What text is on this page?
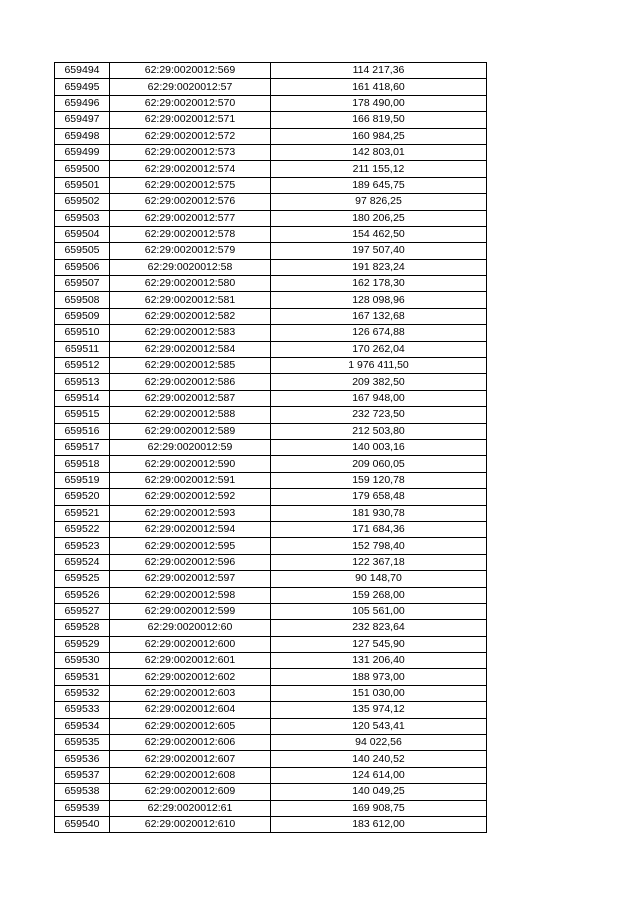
659494	62:29:0020012:569	114 217,36
659495	62:29:0020012:57	161 418,60
659496	62:29:0020012:570	178 490,00
659497	62:29:0020012:571	166 819,50
659498	62:29:0020012:572	160 984,25
659499	62:29:0020012:573	142 803,01
659500	62:29:0020012:574	211 155,12
659501	62:29:0020012:575	189 645,75
659502	62:29:0020012:576	97 826,25
659503	62:29:0020012:577	180 206,25
659504	62:29:0020012:578	154 462,50
659505	62:29:0020012:579	197 507,40
659506	62:29:0020012:58	191 823,24
659507	62:29:0020012:580	162 178,30
659508	62:29:0020012:581	128 098,96
659509	62:29:0020012:582	167 132,68
659510	62:29:0020012:583	126 674,88
659511	62:29:0020012:584	170 262,04
659512	62:29:0020012:585	1 976 411,50
659513	62:29:0020012:586	209 382,50
659514	62:29:0020012:587	167 948,00
659515	62:29:0020012:588	232 723,50
659516	62:29:0020012:589	212 503,80
659517	62:29:0020012:59	140 003,16
659518	62:29:0020012:590	209 060,05
659519	62:29:0020012:591	159 120,78
659520	62:29:0020012:592	179 658,48
659521	62:29:0020012:593	181 930,78
659522	62:29:0020012:594	171 684,36
659523	62:29:0020012:595	152 798,40
659524	62:29:0020012:596	122 367,18
659525	62:29:0020012:597	90 148,70
659526	62:29:0020012:598	159 268,00
659527	62:29:0020012:599	105 561,00
659528	62:29:0020012:60	232 823,64
659529	62:29:0020012:600	127 545,90
659530	62:29:0020012:601	131 206,40
659531	62:29:0020012:602	188 973,00
659532	62:29:0020012:603	151 030,00
659533	62:29:0020012:604	135 974,12
659534	62:29:0020012:605	120 543,41
659535	62:29:0020012:606	94 022,56
659536	62:29:0020012:607	140 240,52
659537	62:29:0020012:608	124 614,00
659538	62:29:0020012:609	140 049,25
659539	62:29:0020012:61	169 908,75
659540	62:29:0020012:610	183 612,00
